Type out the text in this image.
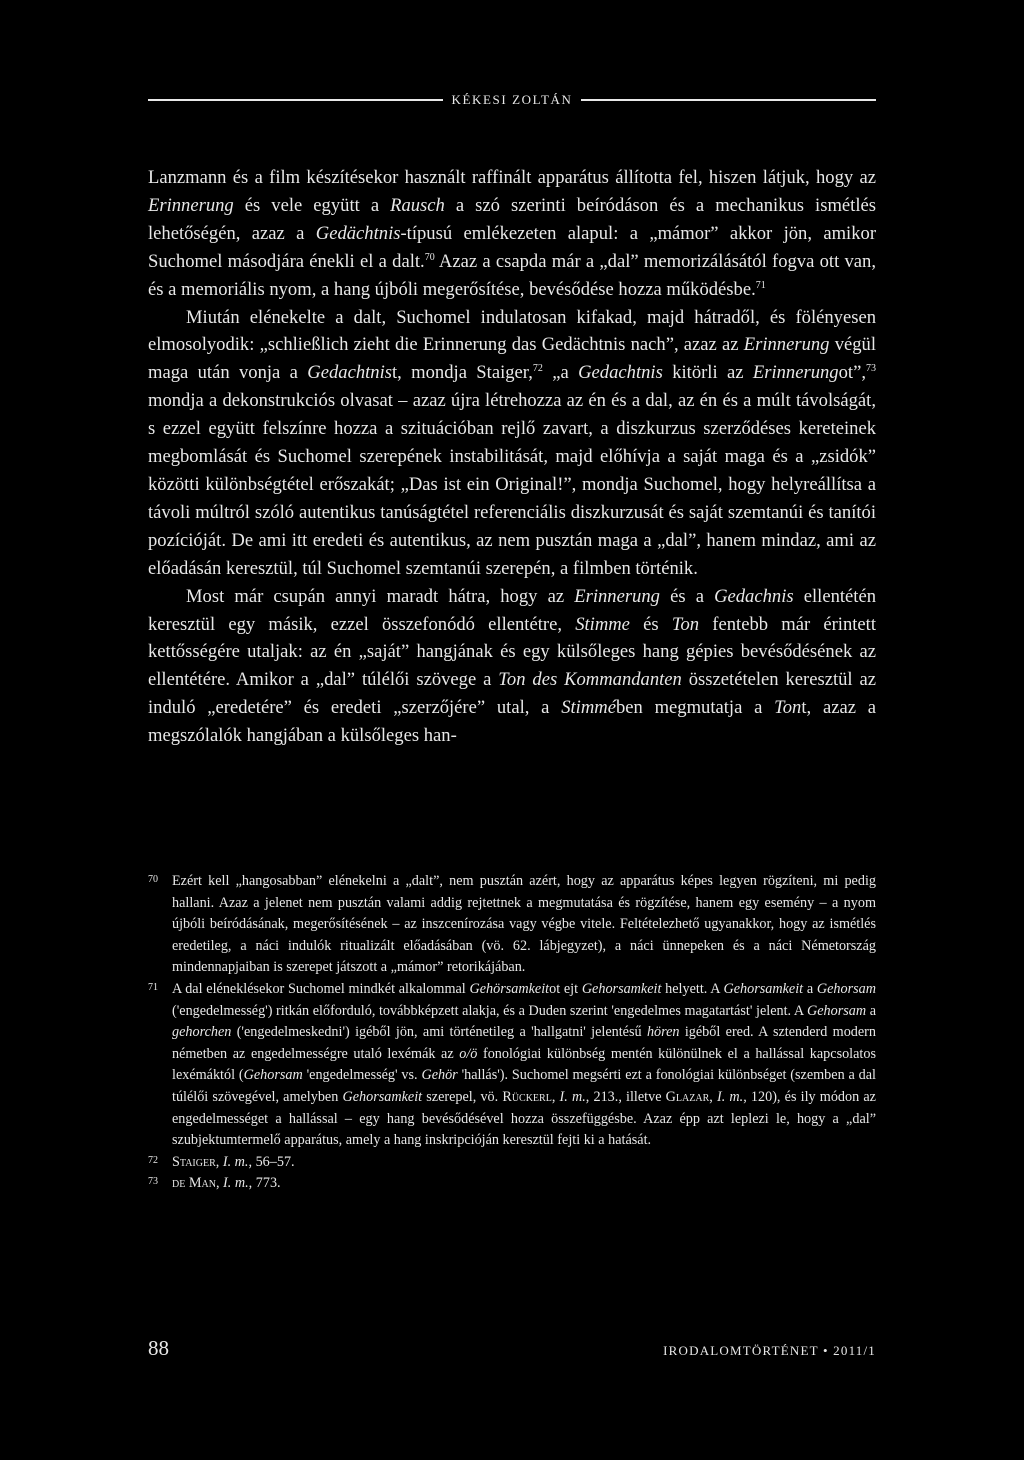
KÉKESI ZOLTÁN

Lanzmann és a film készítésekor használt raffinált apparátus állította fel, hiszen látjuk, hogy az Erinnerung és vele együtt a Rausch a szó szerinti beíródáson és a mechanikus ismétlés lehetőségén, azaz a Gedächtnis-típusú emlékezeten alapul: a „mámor” akkor jön, amikor Suchomel másodjára énekli el a dalt.$^{70}$ Azaz a csapda már a „dal” memorizálásától fogva ott van, és a memoriális nyom, a hang újbóli megerősítése, bevésődése hozza működésbe.$^{71}$

Miután elénekelte a dalt, Suchomel indulatosan kifakad, majd hátradől, és fölényesen elmosolyodik: „schließlich zieht die Erinnerung das Gedächtnis nach”, azaz az Erinnerung végül maga után vonja a Gedachtnist, mondja Staiger,$^{72}$ „a Gedachtnis kitörli az Erinnerungot”,$^{73}$ mondja a dekonstrukciós olvasat – azaz újra létrehozza az én és a dal, az én és a múlt távolságát, s ezzel együtt felszínre hozza a szituációban rejlő zavart, a diszkurzus szerződéses kereteinek megbomlását és Suchomel szerepének instabilitását, majd előhívja a saját maga és a „zsidók” közötti különbségtétel erőszakát; „Das ist ein Original!”, mondja Suchomel, hogy helyreállítsa a távoli múltról szóló autentikus tanúságtétel referenciális diszkurzusát és saját szemtanúi és tanítói pozícióját. De ami itt eredeti és autentikus, az nem pusztán maga a „dal”, hanem mindaz, ami az előadásán keresztül, túl Suchomel szemtanúi szerepén, a filmben történik.

Most már csupán annyi maradt hátra, hogy az Erinnerung és a Gedachnis ellentétén keresztül egy másik, ezzel összefonódó ellentétre, Stimme és Ton fentebb már érintett kettősségére utaljak: az én „saját” hangjának és egy külsőleges hang gépies bevésődésének az ellentétére. Amikor a „dal” túlélői szövege a Ton des Kommandanten összetételen keresztül az induló „eredetére” és eredeti „szerzőjére” utal, a Stimmében megmutatja a Tont, azaz a megszólalók hangjában a külsőleges han-

70 Ezért kell „hangosabban” elénekelni a „dalt”, nem pusztán azért, hogy az apparátus képes legyen rögzíteni, mi pedig hallani. Azaz a jelenet nem pusztán valami addig rejtettnek a megmutatása és rögzítése, hanem egy esemény – a nyom újbóli beíródásának, megerősítésének – az inszcenírozása vagy végbe vitele. Feltételezhető ugyanakkor, hogy az ismétlés eredetileg, a náci indulók ritualizált előadásában (vö. 62. lábjegyzet), a náci ünnepeken és a náci Németország mindennapjaiban is szerepet játszott a „mámor” retorikájában.
71 A dal eléneklésekor Suchomel mindkét alkalommal Gehörsamkeitot ejt Gehorsamkeit helyett. A Gehorsamkeit a Gehorsam ('engedelmesség') ritkán előforduló, továbbképzett alakja, és a Duden szerint 'engedelmes magatartást' jelent. A Gehorsam a gehorchen ('engedelmeskedni') igéből jön, ami történetileg a 'hallgatni' jelentésű hören igéből ered. A sztenderd modern németben az engedelmességre utaló lexémák az o/ö fonológiai különbség mentén különülnek el a hallással kapcsolatos lexémáktól (Gehorsam 'engedelmesség' vs. Gehör 'hallás'). Suchomel megsérti ezt a fonológiai különbséget (szemben a dal túlélői szövegével, amelyben Gehorsamkeit szerepel, vö. Rückerl, I. m., 213., illetve Glazar, I. m., 120), és ily módon az engedelmességet a hallással – egy hang bevésődésével hozza összefüggésbe. Azaz épp azt leplezi le, hogy a „dal” szubjektumtermelő apparátus, amely a hang inskripcióján keresztül fejti ki a hatását.
72 Staiger, I. m., 56–57.
73 de Man, I. m., 773.
88	IRODALOMTÖRTÉNET • 2011/1
